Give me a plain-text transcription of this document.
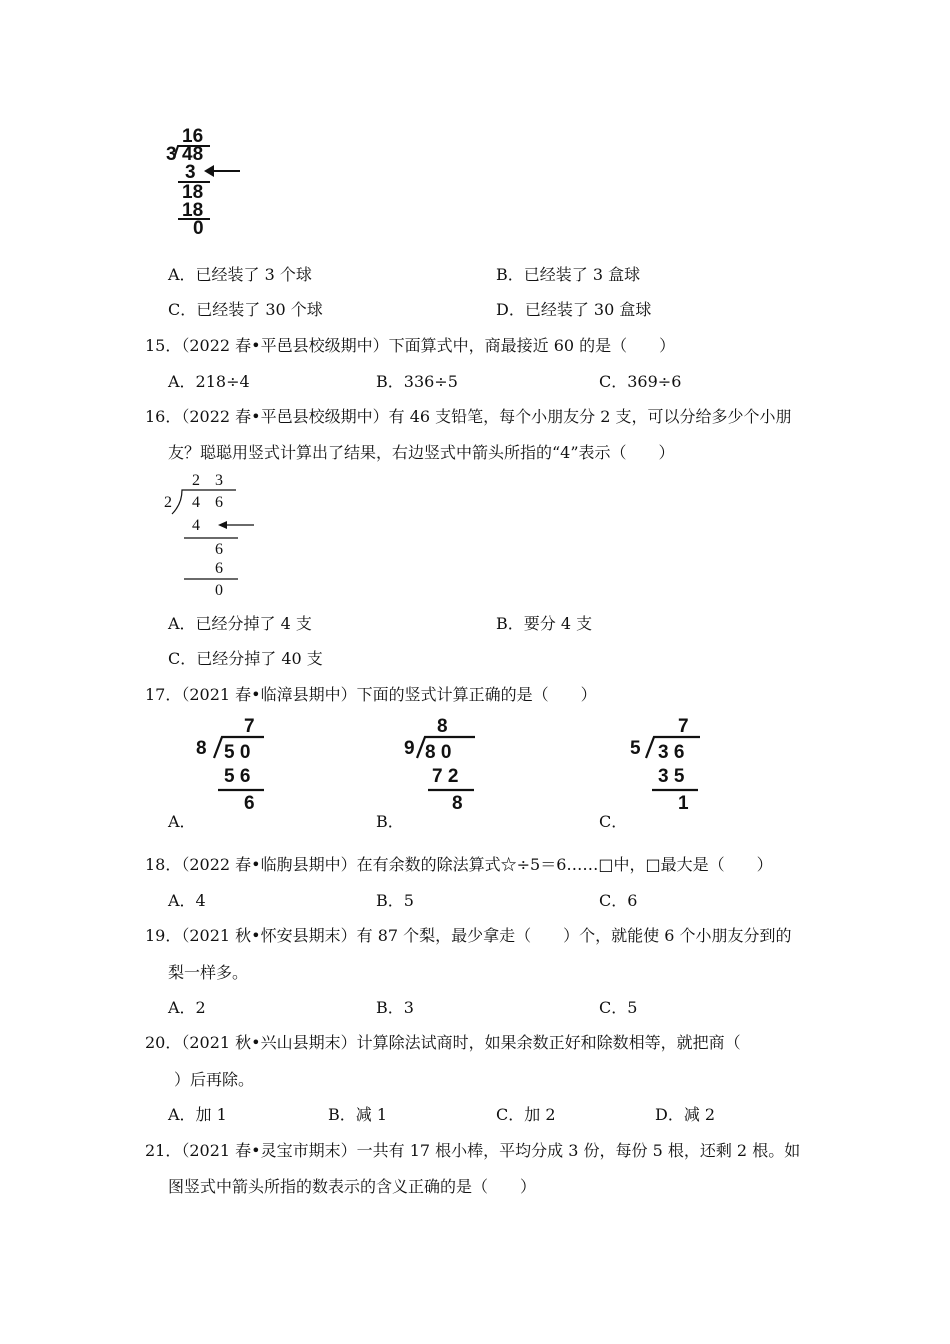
16
3 48
3
18
18
0
A．已经装了 3 个球	B．已经装了 3 盒球
C．已经装了 30 个球	D．已经装了 30 盒球
15．（2022 春•平邑县校级期中）下面算式中，商最接近 60 的是（　　）
A．218÷4	B．336÷5	C．369÷6
16．（2022 春•平邑县校级期中）有 46 支铅笔，每个小朋友分 2 支，可以分给多少个小朋
友？聪聪用竖式计算出了结果，右边竖式中箭头所指的“4”表示（　　）
2 3
2 4 6
4
6
6
0
A．已经分掉了 4 支	B．要分 4 支
C．已经分掉了 40 支
17．（2021 春•临漳县期中）下面的竖式计算正确的是（　　）
7
8 5 0
5 6
6
A．
8
9 8 0
7 2
8
B．
7
5 3 6
3 5
1
C．
18．（2022 春•临朐县期中）在有余数的除法算式☆÷5＝6……□中，□最大是（　　）
A．4	B．5	C．6
19．（2021 秋•怀安县期末）有 87 个梨，最少拿走（　　）个，就能使 6 个小朋友分到的
梨一样多。
A．2	B．3	C．5
20．（2021 秋•兴山县期末）计算除法试商时，如果余数正好和除数相等，就把商（
）后再除。
A．加 1	B．减 1	C．加 2	D．减 2
21．（2021 春•灵宝市期末）一共有 17 根小棒，平均分成 3 份，每份 5 根，还剩 2 根。如
图竖式中箭头所指的数表示的含义正确的是（　　）
